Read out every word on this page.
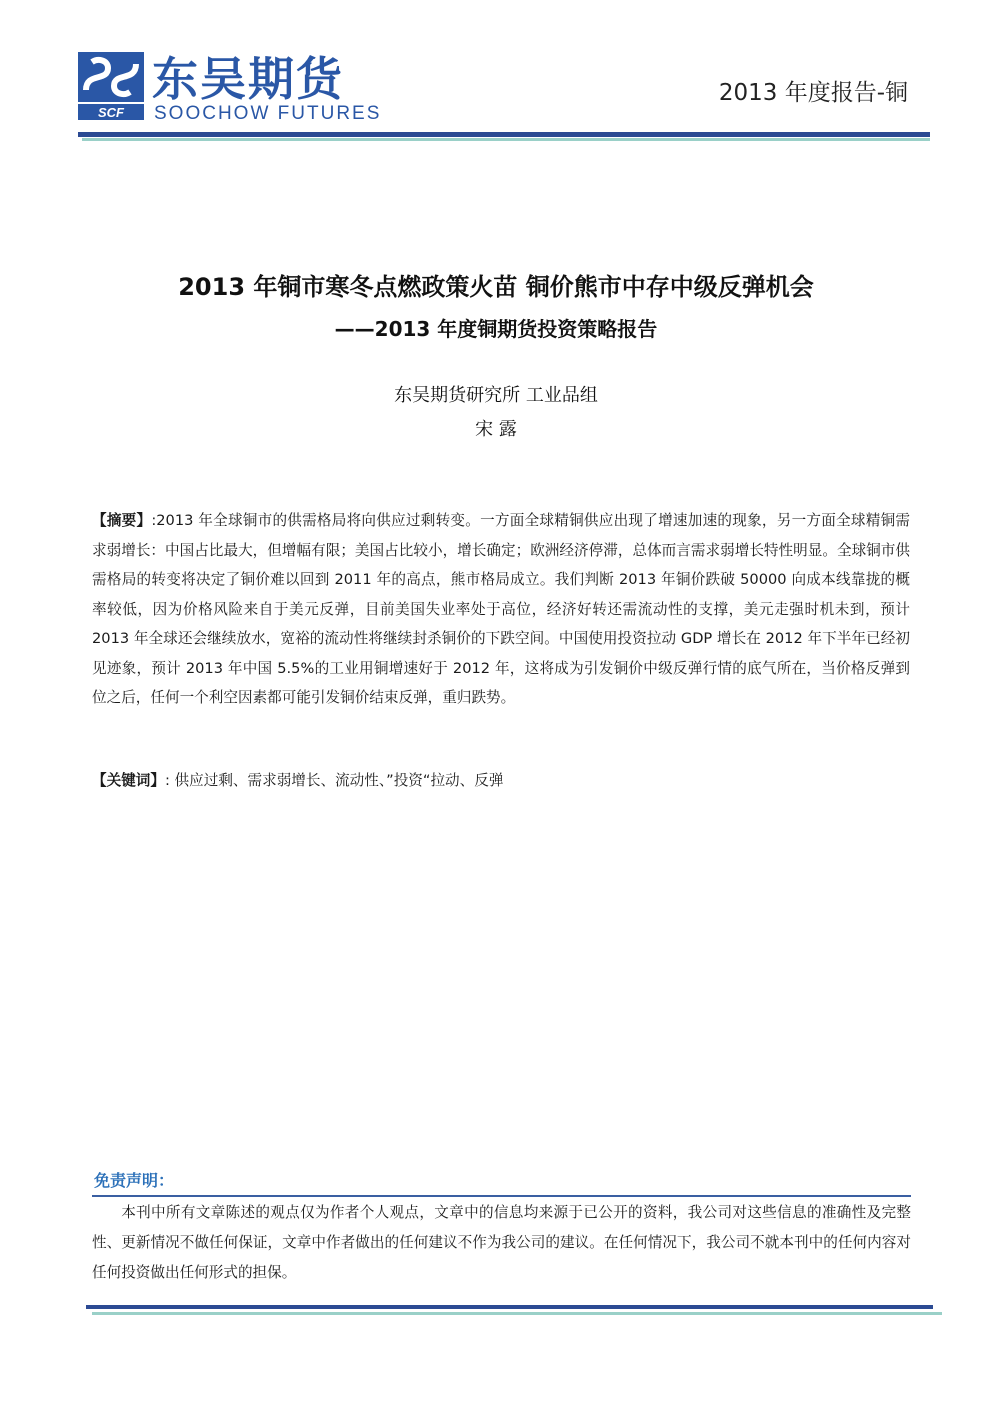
SCF
东吴期货
SOOCHOW FUTURES
2013 年度报告-铜
2013 年铜市寒冬点燃政策火苗 铜价熊市中存中级反弹机会
——2013 年度铜期货投资策略报告
东吴期货研究所 工业品组
宋 露
【摘要】:2013 年全球铜市的供需格局将向供应过剩转变。一方面全球精铜供应出现了增速加速的现象，另一方面全球精铜需求弱增长：中国占比最大，但增幅有限；美国占比较小，增长确定；欧洲经济停滞，总体而言需求弱增长特性明显。全球铜市供需格局的转变将决定了铜价难以回到 2011 年的高点，熊市格局成立。我们判断 2013 年铜价跌破 50000 向成本线靠拢的概率较低，因为价格风险来自于美元反弹，目前美国失业率处于高位，经济好转还需流动性的支撑，美元走强时机未到，预计 2013 年全球还会继续放水，宽裕的流动性将继续封杀铜价的下跌空间。中国使用投资拉动 GDP 增长在 2012 年下半年已经初见迹象，预计 2013 年中国 5.5%的工业用铜增速好于 2012 年，这将成为引发铜价中级反弹行情的底气所在，当价格反弹到位之后，任何一个利空因素都可能引发铜价结束反弹，重归跌势。
【关键词】: 供应过剩、需求弱增长、流动性、”投资“拉动、反弹
免责声明：
本刊中所有文章陈述的观点仅为作者个人观点，文章中的信息均来源于已公开的资料，我公司对这些信息的准确性及完整性、更新情况不做任何保证，文章中作者做出的任何建议不作为我公司的建议。在任何情况下，我公司不就本刊中的任何内容对任何投资做出任何形式的担保。
